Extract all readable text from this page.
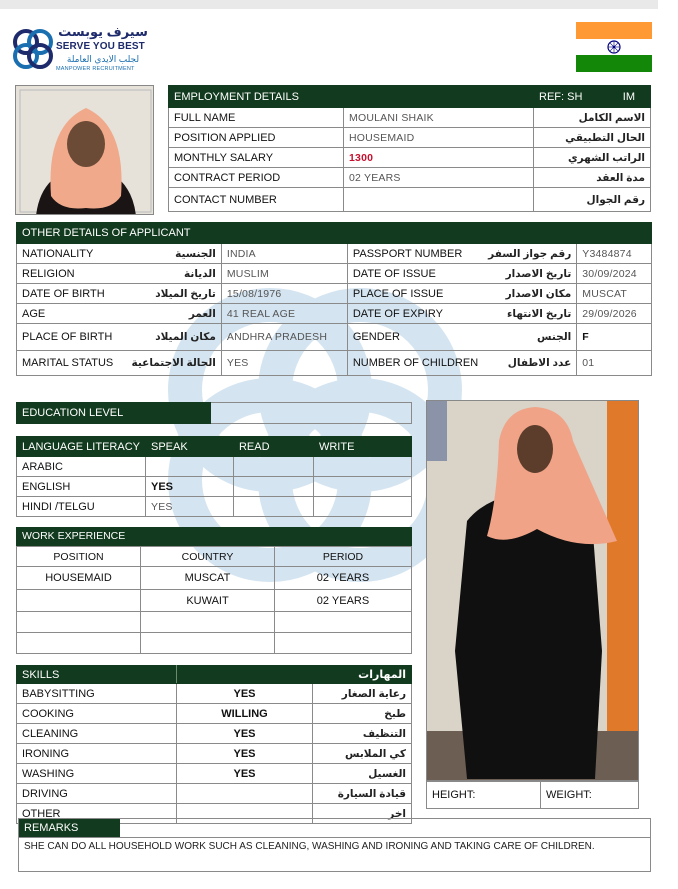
سيرف يوبست
SERVE YOU BEST
لجلب الايدي العاملة
MANPOWER RECRUITMENT
EMPLOYMENT DETAILS		REF: SH IM

FULL NAME	MOULANI SHAIK	الاسم الكامل
POSITION APPLIED	HOUSEMAID	الحال التطبيقي
MONTHLY SALARY	1300	الراتب الشهري
CONTRACT PERIOD	02 YEARS	مدة العقد
CONTACT NUMBER		رقم الجوال
OTHER DETAILS OF APPLICANT					
NATIONALITY	الجنسية	INDIA	PASSPORT NUMBER	رقم جواز السفر	Y3484874
RELIGION	الديانة	MUSLIM	DATE OF ISSUE	تاريخ الاصدار	30/09/2024
DATE OF BIRTH	تاريخ الميلاد	15/08/1976	PLACE OF ISSUE	مكان الاصدار	MUSCAT
AGE	العمر	41 REAL AGE	DATE OF EXPIRY	تاريخ الانتهاء	29/09/2026
PLACE OF BIRTH	مكان الميلاد	ANDHRA PRADESH	GENDER	الجنس	F
MARITAL STATUS	الحالة الاجتماعية	YES	NUMBER OF CHILDREN	عدد الاطفال	01
EDUCATION LEVEL	
LANGUAGE LITERACY	SPEAK	READ	WRITE
ARABIC			
ENGLISH	YES		
HINDI /TELGU	YES		
WORK EXPERIENCE
POSITION	COUNTRY	PERIOD
HOUSEMAID	MUSCAT	02 YEARS
	KUWAIT	02 YEARS

SKILLS		المهارات
BABYSITTING	YES	رعاية الصغار
COOKING	WILLING	طبخ
CLEANING	YES	التنظيف
IRONING	YES	كي الملابس
WASHING	YES	الغسيل
DRIVING		قيادة السيارة
OTHER		اخر
HEIGHT:	WEIGHT:
REMARKS
SHE CAN DO ALL HOUSEHOLD WORK SUCH AS CLEANING, WASHING AND IRONING AND TAKING CARE OF CHILDREN.
